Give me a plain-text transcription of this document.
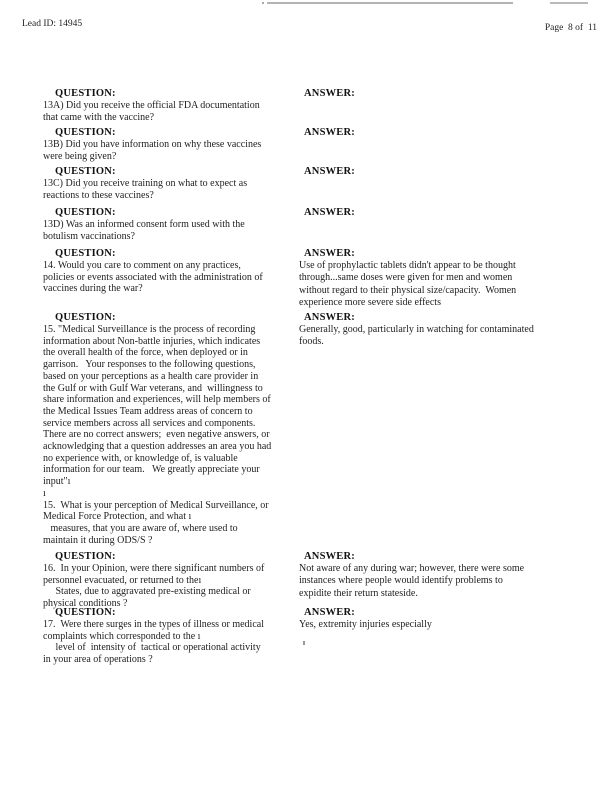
Lead ID: 14945	Page  8 of  11
QUESTION:
13A) Did you receive the official FDA documentation
that came with the vaccine?
ANSWER:
QUESTION:
13B) Did you have information on why these vaccines
were being given?
ANSWER:
QUESTION:
13C) Did you receive training on what to expect as
reactions to these vaccines?
ANSWER:
QUESTION:
13D) Was an informed consent form used with the
botulism vaccinations?
ANSWER:
QUESTION:
14. Would you care to comment on any practices,
policies or events associated with the administration of
vaccines during the war?
ANSWER:
Use of prophylactic tablets didn't appear to be thought
through...same doses were given for men and women
without regard to their physical size/capacity.  Women
experience more severe side effects
QUESTION:
15. "Medical Surveillance is the process of recording
information about Non-battle injuries, which indicates
the overall health of the force, when deployed or in
garrison.   Your responses to the following questions,
based on your perceptions as a health care provider in
the Gulf or with Gulf War veterans, and  willingness to
share information and experiences, will help members of
the Medical Issues Team address areas of concern to
service members across all services and components.
There are no correct answers;  even negative answers, or
acknowledging that a question addresses an area you had
no experience with, or knowledge of, is valuable
information for our team.   We greatly appreciate your
input"ı
ı
15.  What is your perception of Medical Surveillance, or
Medical Force Protection, and what ı
measures, that you are aware of, where used to
maintain it during ODS/S ?
ANSWER:
Generally, good, particularly in watching for contaminated
foods.
QUESTION:
16.  In your Opinion, were there significant numbers of
personnel evacuated, or returned to theı
States, due to aggravated pre-existing medical or
physical conditions ?
ANSWER:
Not aware of any during war; however, there were some
instances where people would identify problems to
expidite their return stateside.
QUESTION:
17.  Were there surges in the types of illness or medical
complaints which corresponded to the ı
level of  intensity of  tactical or operational activity
in your area of operations ?
ANSWER:
Yes, extremity injuries especially
